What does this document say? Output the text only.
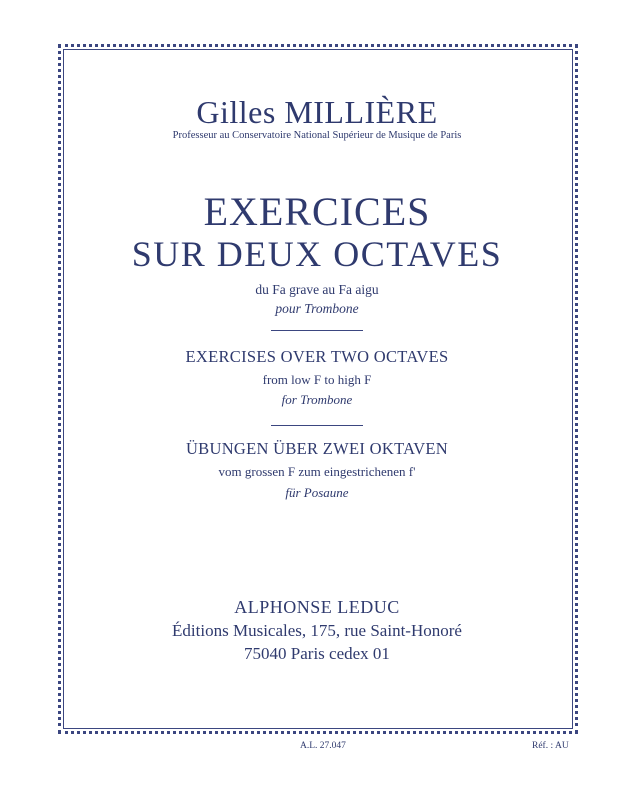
Gilles MILLIÈRE
Professeur au Conservatoire National Supérieur de Musique de Paris
EXERCICES
SUR DEUX OCTAVES
du Fa grave au Fa aigu
pour Trombone
EXERCISES OVER TWO OCTAVES
from low F to high F
for Trombone
ÜBUNGEN ÜBER ZWEI OKTAVEN
vom grossen F zum eingestrichenen f'
für Posaune
ALPHONSE LEDUC
Éditions Musicales, 175, rue Saint-Honoré
75040 Paris cedex 01
A.L. 27.047	Réf. : AU
